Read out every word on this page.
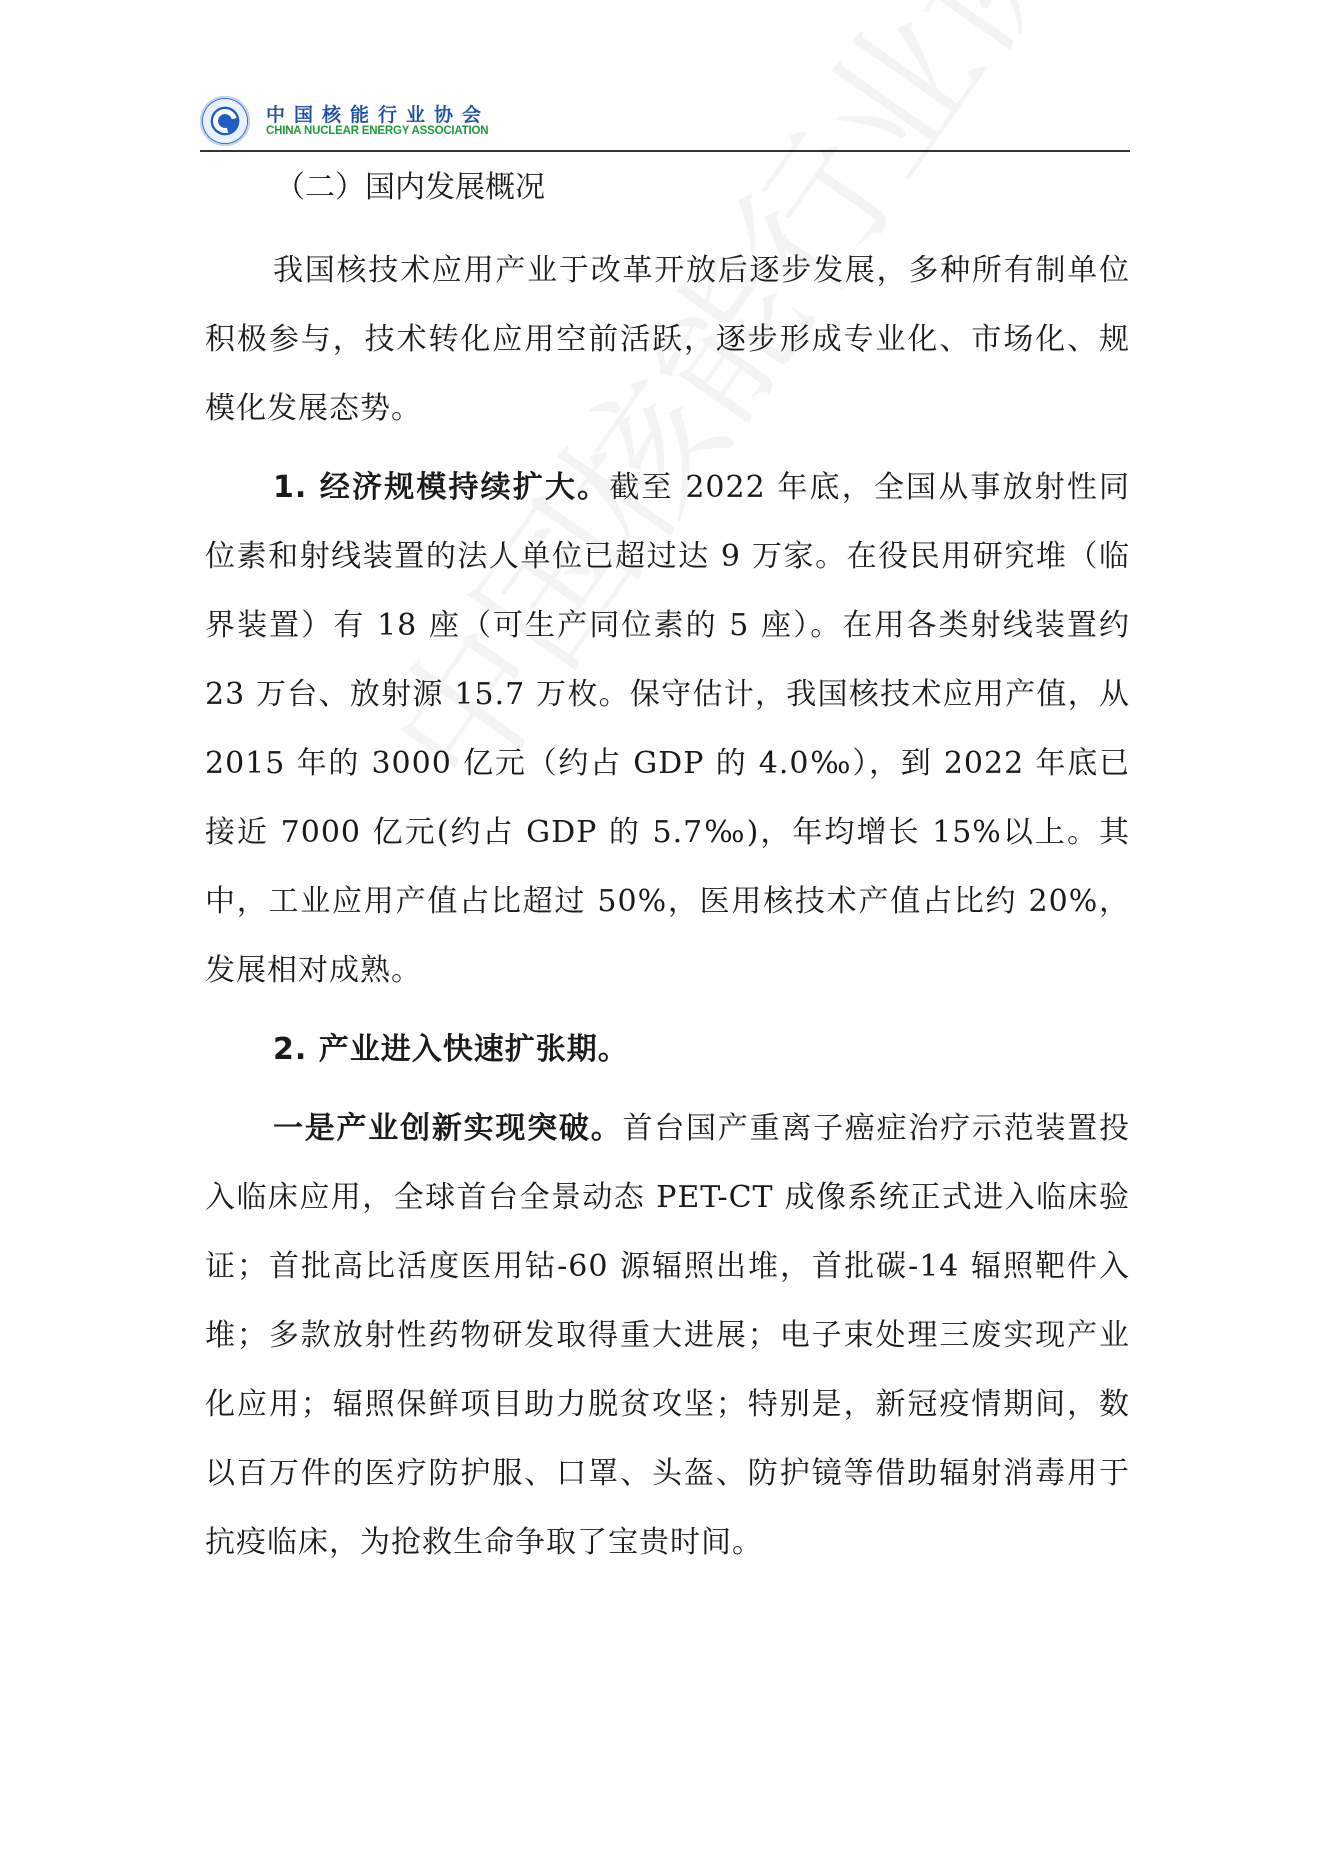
中国核能行业协会
CHINA NUCLEAR ENERGY ASSOCIATION
（二）国内发展概况

我国核技术应用产业于改革开放后逐步发展，多种所有制单位积极参与，技术转化应用空前活跃，逐步形成专业化、市场化、规模化发展态势。

1. 经济规模持续扩大。截至 2022 年底，全国从事放射性同位素和射线装置的法人单位已超过达 9 万家。在役民用研究堆（临界装置）有 18 座（可生产同位素的 5 座）。在用各类射线装置约 23 万台、放射源 15.7 万枚。保守估计，我国核技术应用产值，从 2015 年的 3000 亿元（约占 GDP 的 4.0‰），到 2022 年底已接近 7000 亿元(约占 GDP 的 5.7‰)，年均增长 15%以上。其中，工业应用产值占比超过 50%，医用核技术产值占比约 20%，发展相对成熟。

2. 产业进入快速扩张期。

一是产业创新实现突破。首台国产重离子癌症治疗示范装置投入临床应用，全球首台全景动态 PET-CT 成像系统正式进入临床验证；首批高比活度医用钴-60 源辐照出堆，首批碳-14 辐照靶件入堆；多款放射性药物研发取得重大进展；电子束处理三废实现产业化应用；辐照保鲜项目助力脱贫攻坚；特别是，新冠疫情期间，数以百万件的医疗防护服、口罩、头盔、防护镜等借助辐射消毒用于抗疫临床，为抢救生命争取了宝贵时间。
